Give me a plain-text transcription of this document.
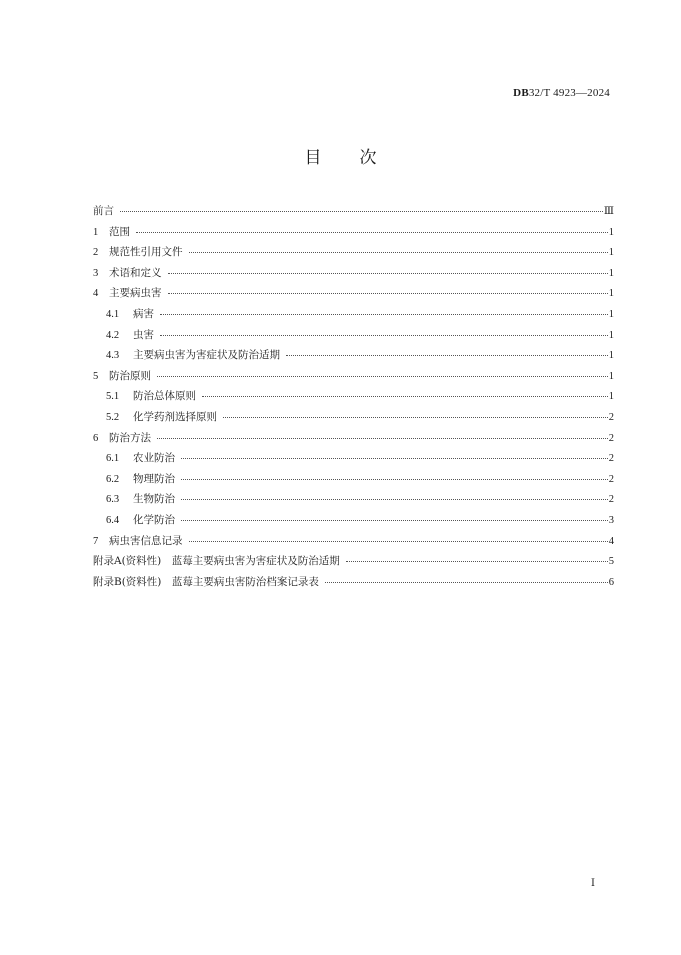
DB32/T 4923—2024
目 次
前言	Ⅲ
1	范围	1
2	规范性引用文件	1
3	术语和定义	1
4	主要病虫害	1
4.1	病害	1
4.2	虫害	1
4.3	主要病虫害为害症状及防治适期	1
5	防治原则	1
5.1	防治总体原则	1
5.2	化学药剂选择原则	2
6	防治方法	2
6.1	农业防治	2
6.2	物理防治	2
6.3	生物防治	2
6.4	化学防治	3
7	病虫害信息记录	4
附录A(资料性)　蓝莓主要病虫害为害症状及防治适期	5
附录B(资料性)　蓝莓主要病虫害防治档案记录表	6
Ⅰ
